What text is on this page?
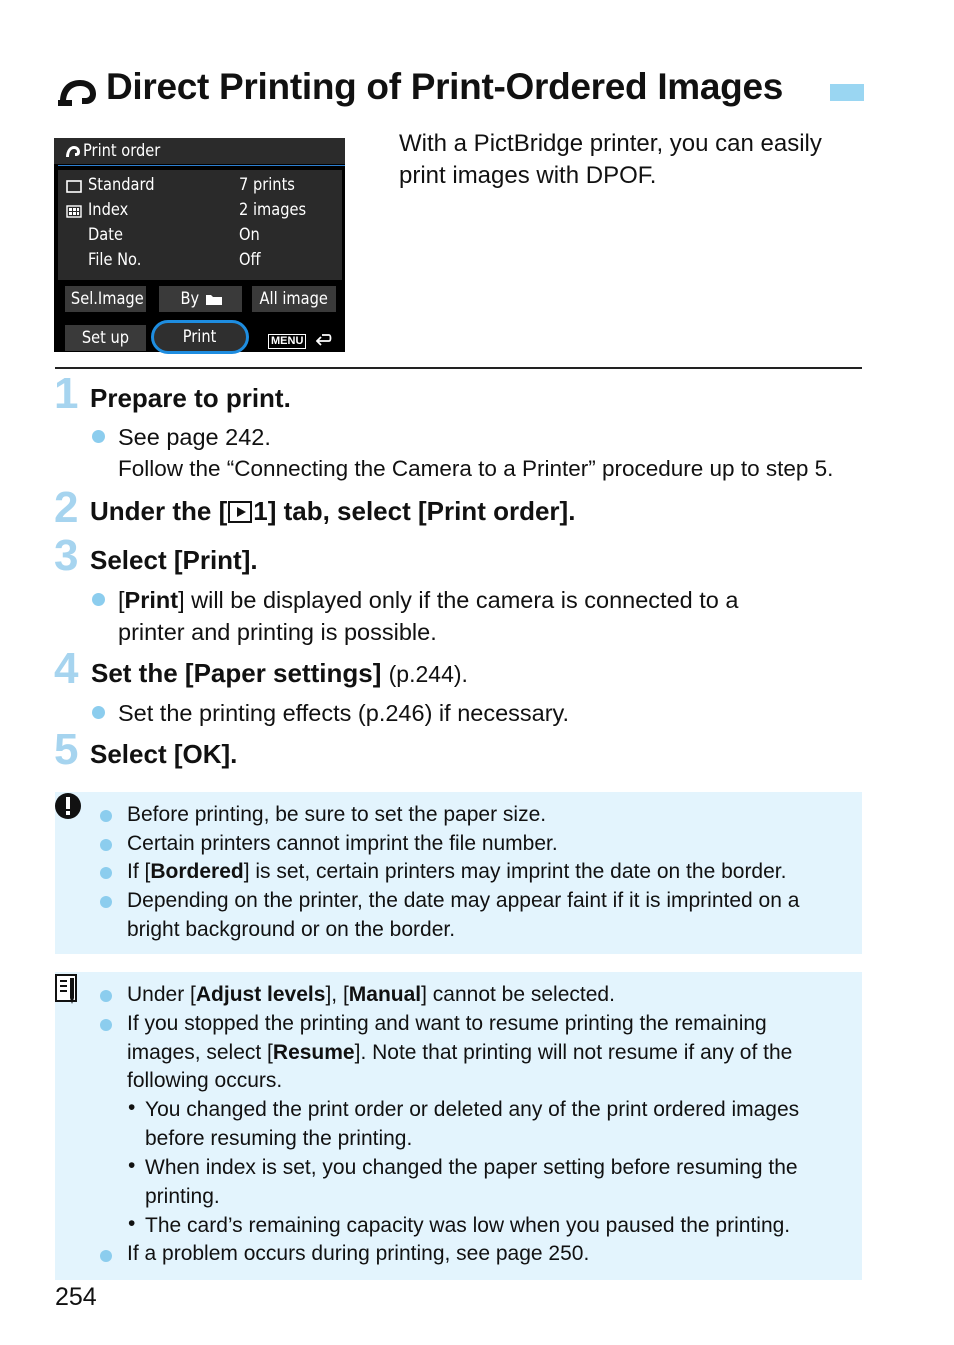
Direct Printing of Print-Ordered Images
Print order
Standard	7 prints
Index	2 images
Date	On
File No.	Off
Sel.Image	By	All image
Set up	Print	MENU
With a PictBridge printer, you can easily print images with DPOF.
1 Prepare to print.
See page 242.
Follow the “Connecting the Camera to a Printer” procedure up to step 5.
2 Under the [ 1] tab, select [Print order].
3 Select [Print].
[Print] will be displayed only if the camera is connected to a
printer and printing is possible.
4 Set the [Paper settings] (p.244).
Set the printing effects (p.246) if necessary.
5 Select [OK].
Before printing, be sure to set the paper size.
Certain printers cannot imprint the file number.
If [Bordered] is set, certain printers may imprint the date on the border.
Depending on the printer, the date may appear faint if it is imprinted on a
bright background or on the border.
Under [Adjust levels], [Manual] cannot be selected.
If you stopped the printing and want to resume printing the remaining
images, select [Resume]. Note that printing will not resume if any of the
following occurs.
• You changed the print order or deleted any of the print ordered images
before resuming the printing.
• When index is set, you changed the paper setting before resuming the
printing.
• The card’s remaining capacity was low when you paused the printing.
If a problem occurs during printing, see page 250.
254
